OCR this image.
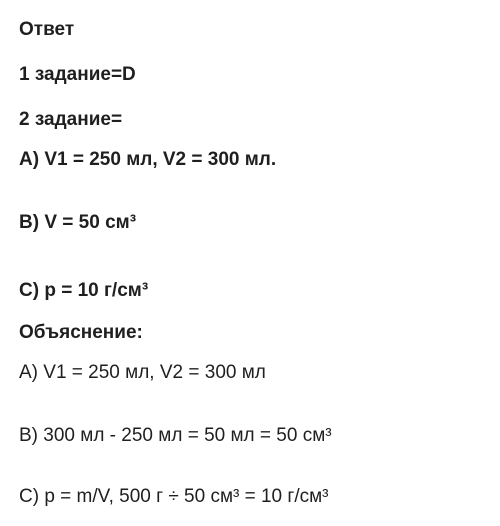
Ответ
1 задание=D
2 задание=
A) V1 = 250 мл, V2 = 300 мл.
B) V = 50 см³
C) p = 10 г/см³
Объяснение:
A) V1 = 250 мл, V2 = 300 мл
B) 300 мл - 250 мл = 50 мл = 50 см³
C) p = m/V, 500 г ÷ 50 см³ = 10 г/см³
